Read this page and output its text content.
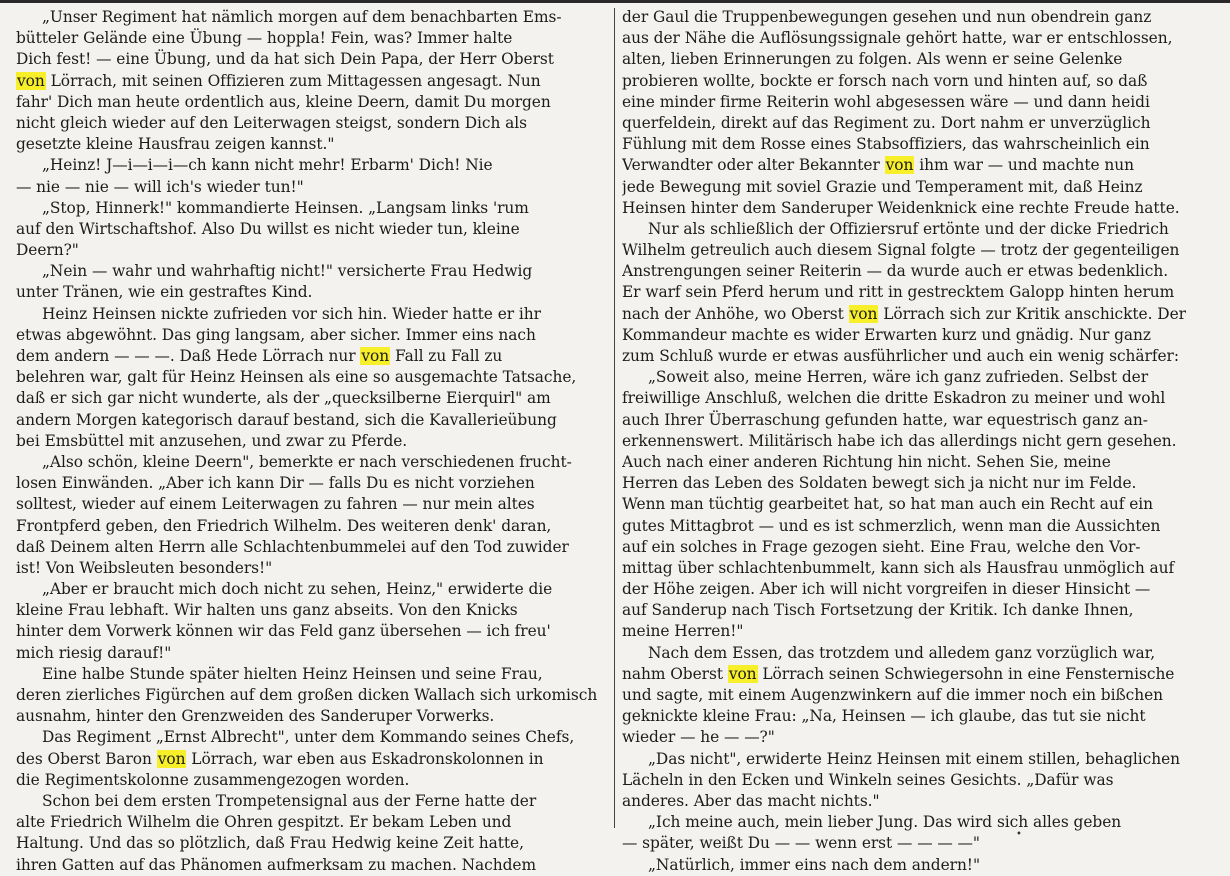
„Unser Regiment hat nämlich morgen auf dem benachbarten Ems-
bütteler Gelände eine Übung — hoppla! Fein, was? Immer halte
Dich fest! — eine Übung, und da hat sich Dein Papa, der Herr Oberst
von Lörrach, mit seinen Offizieren zum Mittagessen angesagt. Nun
fahr' Dich man heute ordentlich aus, kleine Deern, damit Du morgen
nicht gleich wieder auf den Leiterwagen steigst, sondern Dich als
gesetzte kleine Hausfrau zeigen kannst."
„Heinz! J—i—i—i—ch kann nicht mehr! Erbarm' Dich! Nie
— nie — nie — will ich's wieder tun!"
„Stop, Hinnerk!" kommandierte Heinsen. „Langsam links 'rum
auf den Wirtschaftshof. Also Du willst es nicht wieder tun, kleine
Deern?"
„Nein — wahr und wahrhaftig nicht!" versicherte Frau Hedwig
unter Tränen, wie ein gestraftes Kind.
Heinz Heinsen nickte zufrieden vor sich hin. Wieder hatte er ihr
etwas abgewöhnt. Das ging langsam, aber sicher. Immer eins nach
dem andern — — —. Daß Hede Lörrach nur von Fall zu Fall zu
belehren war, galt für Heinz Heinsen als eine so ausgemachte Tatsache,
daß er sich gar nicht wunderte, als der „quecksilberne Eierquirl" am
andern Morgen kategorisch darauf bestand, sich die Kavallerieübung
bei Emsbüttel mit anzusehen, und zwar zu Pferde.
„Also schön, kleine Deern", bemerkte er nach verschiedenen frucht-
losen Einwänden. „Aber ich kann Dir — falls Du es nicht vorziehen
solltest, wieder auf einem Leiterwagen zu fahren — nur mein altes
Frontpferd geben, den Friedrich Wilhelm. Des weiteren denk' daran,
daß Deinem alten Herrn alle Schlachtenbummelei auf den Tod zuwider
ist! Von Weibsleuten besonders!"
„Aber er braucht mich doch nicht zu sehen, Heinz," erwiderte die
kleine Frau lebhaft. Wir halten uns ganz abseits. Von den Knicks
hinter dem Vorwerk können wir das Feld ganz übersehen — ich freu'
mich riesig darauf!"
Eine halbe Stunde später hielten Heinz Heinsen und seine Frau,
deren zierliches Figürchen auf dem großen dicken Wallach sich urkomisch
ausnahm, hinter den Grenzweiden des Sanderuper Vorwerks.
Das Regiment „Ernst Albrecht", unter dem Kommando seines Chefs,
des Oberst Baron von Lörrach, war eben aus Eskadronskolonnen in
die Regimentskolonne zusammengezogen worden.
Schon bei dem ersten Trompetensignal aus der Ferne hatte der
alte Friedrich Wilhelm die Ohren gespitzt. Er bekam Leben und
Haltung. Und das so plötzlich, daß Frau Hedwig keine Zeit hatte,
ihren Gatten auf das Phänomen aufmerksam zu machen. Nachdem
der Gaul die Truppenbewegungen gesehen und nun obendrein ganz
aus der Nähe die Auflösungssignale gehört hatte, war er entschlossen,
alten, lieben Erinnerungen zu folgen. Als wenn er seine Gelenke
probieren wollte, bockte er forsch nach vorn und hinten auf, so daß
eine minder firme Reiterin wohl abgesessen wäre — und dann heidi
querfeldein, direkt auf das Regiment zu. Dort nahm er unverzüglich
Fühlung mit dem Rosse eines Stabsoffiziers, das wahrscheinlich ein
Verwandter oder alter Bekannter von ihm war — und machte nun
jede Bewegung mit soviel Grazie und Temperament mit, daß Heinz
Heinsen hinter dem Sanderuper Weidenknick eine rechte Freude hatte.
Nur als schließlich der Offiziersruf ertönte und der dicke Friedrich
Wilhelm getreulich auch diesem Signal folgte — trotz der gegenteiligen
Anstrengungen seiner Reiterin — da wurde auch er etwas bedenklich.
Er warf sein Pferd herum und ritt in gestrecktem Galopp hinten herum
nach der Anhöhe, wo Oberst von Lörrach sich zur Kritik anschickte. Der
Kommandeur machte es wider Erwarten kurz und gnädig. Nur ganz
zum Schluß wurde er etwas ausführlicher und auch ein wenig schärfer:
„Soweit also, meine Herren, wäre ich ganz zufrieden. Selbst der
freiwillige Anschluß, welchen die dritte Eskadron zu meiner und wohl
auch Ihrer Überraschung gefunden hatte, war equestrisch ganz an-
erkennenswert. Militärisch habe ich das allerdings nicht gern gesehen.
Auch nach einer anderen Richtung hin nicht. Sehen Sie, meine
Herren das Leben des Soldaten bewegt sich ja nicht nur im Felde.
Wenn man tüchtig gearbeitet hat, so hat man auch ein Recht auf ein
gutes Mittagbrot — und es ist schmerzlich, wenn man die Aussichten
auf ein solches in Frage gezogen sieht. Eine Frau, welche den Vor-
mittag über schlachtenbummelt, kann sich als Hausfrau unmöglich auf
der Höhe zeigen. Aber ich will nicht vorgreifen in dieser Hinsicht —
auf Sanderup nach Tisch Fortsetzung der Kritik. Ich danke Ihnen,
meine Herren!"
Nach dem Essen, das trotzdem und alledem ganz vorzüglich war,
nahm Oberst von Lörrach seinen Schwiegersohn in eine Fensternische
und sagte, mit einem Augenzwinkern auf die immer noch ein bißchen
geknickte kleine Frau: „Na, Heinsen — ich glaube, das tut sie nicht
wieder — he — —?"
„Das nicht", erwiderte Heinz Heinsen mit einem stillen, behaglichen
Lächeln in den Ecken und Winkeln seines Gesichts. „Dafür was
anderes. Aber das macht nichts."
„Ich meine auch, mein lieber Jung. Das wird sich alles geben
— später, weißt Du — — wenn erst — — — —"
„Natürlich, immer eins nach dem andern!"
•
